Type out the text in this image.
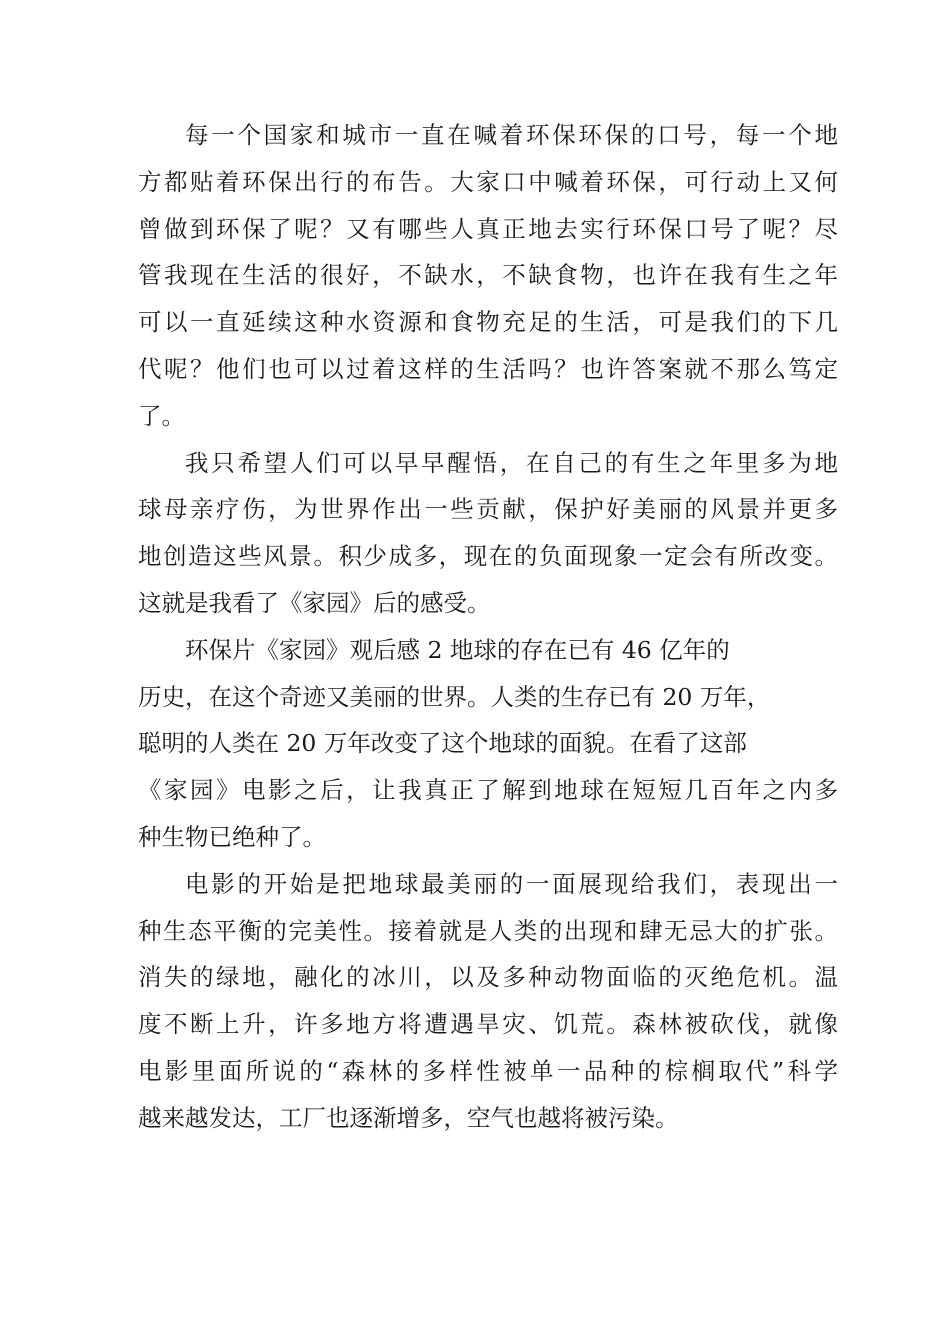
每一个国家和城市一直在喊着环保环保的口号，每一个地
方都贴着环保出行的布告。大家口中喊着环保，可行动上又何
曾做到环保了呢？又有哪些人真正地去实行环保口号了呢？尽
管我现在生活的很好，不缺水，不缺食物，也许在我有生之年
可以一直延续这种水资源和食物充足的生活，可是我们的下几
代呢？他们也可以过着这样的生活吗？也许答案就不那么笃定
了。
我只希望人们可以早早醒悟，在自己的有生之年里多为地
球母亲疗伤，为世界作出一些贡献，保护好美丽的风景并更多
地创造这些风景。积少成多，现在的负面现象一定会有所改变。
这就是我看了《家园》后的感受。
环保片《家园》观后感 2 地球的存在已有 46 亿年的
历史，在这个奇迹又美丽的世界。人类的生存已有 20 万年，
聪明的人类在 20 万年改变了这个地球的面貌。在看了这部
《家园》电影之后，让我真正了解到地球在短短几百年之内多
种生物已绝种了。
电影的开始是把地球最美丽的一面展现给我们，表现出一
种生态平衡的完美性。接着就是人类的出现和肆无忌大的扩张。
消失的绿地，融化的冰川，以及多种动物面临的灭绝危机。温
度不断上升，许多地方将遭遇旱灾、饥荒。森林被砍伐，就像
电影里面所说的“森林的多样性被单一品种的棕榈取代”科学
越来越发达，工厂也逐渐增多，空气也越将被污染。
